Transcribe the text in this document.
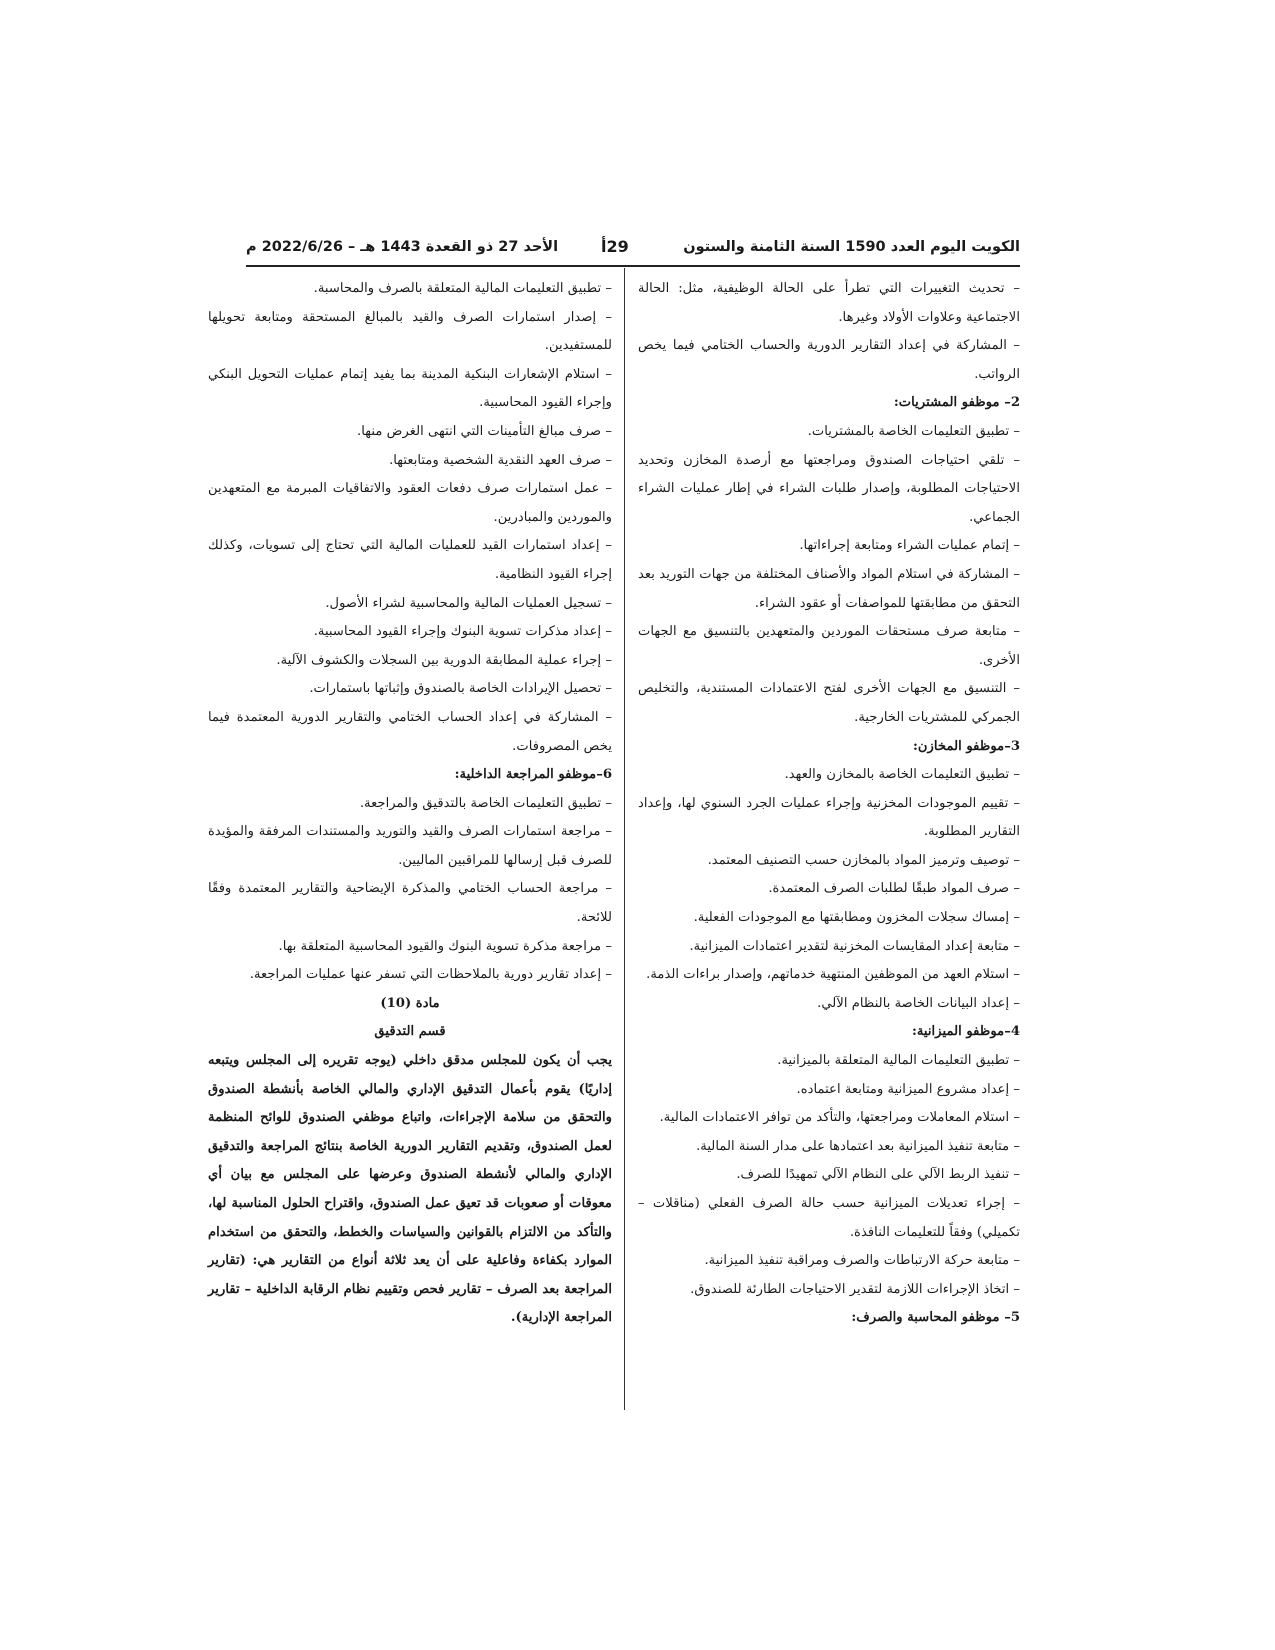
الكويت اليوم العدد 1590 السنة الثامنة والستون
29أ
الأحد 27 ذو القعدة 1443 هـ – 2022/6/26 م

– تحديث التغييرات التي تطرأ على الحالة الوظيفية، مثل: الحالة الاجتماعية وعلاوات الأولاد وغيرها.

– المشاركة في إعداد التقارير الدورية والحساب الختامي فيما يخص الرواتب.

2– موظفو المشتريات:

– تطبيق التعليمات الخاصة بالمشتريات.

– تلقي احتياجات الصندوق ومراجعتها مع أرصدة المخازن وتحديد الاحتياجات المطلوبة، وإصدار طلبات الشراء في إطار عمليات الشراء الجماعي.

– إتمام عمليات الشراء ومتابعة إجراءاتها.

– المشاركة في استلام المواد والأصناف المختلفة من جهات التوريد بعد التحقق من مطابقتها للمواصفات أو عقود الشراء.

– متابعة صرف مستحقات الموردين والمتعهدين بالتنسيق مع الجهات الأخرى.

– التنسيق مع الجهات الأخرى لفتح الاعتمادات المستندية، والتخليص الجمركي للمشتريات الخارجية.

3–موظفو المخازن:

– تطبيق التعليمات الخاصة بالمخازن والعهد.

– تقييم الموجودات المخزنية وإجراء عمليات الجرد السنوي لها، وإعداد التقارير المطلوبة.

– توصيف وترميز المواد بالمخازن حسب التصنيف المعتمد.

– صرف المواد طبقًا لطلبات الصرف المعتمدة.

– إمساك سجلات المخزون ومطابقتها مع الموجودات الفعلية.

– متابعة إعداد المقايسات المخزنية لتقدير اعتمادات الميزانية.

– استلام العهد من الموظفين المنتهية خدماتهم، وإصدار براءات الذمة.

– إعداد البيانات الخاصة بالنظام الآلي.

4–موظفو الميزانية:

– تطبيق التعليمات المالية المتعلقة بالميزانية.

– إعداد مشروع الميزانية ومتابعة اعتماده.

– استلام المعاملات ومراجعتها، والتأكد من توافر الاعتمادات المالية.

– متابعة تنفيذ الميزانية بعد اعتمادها على مدار السنة المالية.

– تنفيذ الربط الآلي على النظام الآلي تمهيدًا للصرف.

– إجراء تعديلات الميزانية حسب حالة الصرف الفعلي (مناقلات – تكميلي) وفقاً للتعليمات النافذة.

– متابعة حركة الارتباطات والصرف ومراقبة تنفيذ الميزانية.

– اتخاذ الإجراءات اللازمة لتقدير الاحتياجات الطارئة للصندوق.

5– موظفو المحاسبة والصرف:

– تطبيق التعليمات المالية المتعلقة بالصرف والمحاسبة.

– إصدار استمارات الصرف والقيد بالمبالغ المستحقة ومتابعة تحويلها للمستفيدين.

– استلام الإشعارات البنكية المدينة بما يفيد إتمام عمليات التحويل البنكي وإجراء القيود المحاسبية.

– صرف مبالغ التأمينات التي انتهى الغرض منها.

– صرف العهد النقدية الشخصية ومتابعتها.

– عمل استمارات صرف دفعات العقود والاتفاقيات المبرمة مع المتعهدين والموردين والمبادرين.

– إعداد استمارات القيد للعمليات المالية التي تحتاج إلى تسويات، وكذلك إجراء القيود النظامية.

– تسجيل العمليات المالية والمحاسبية لشراء الأصول.

– إعداد مذكرات تسوية البنوك وإجراء القيود المحاسبية.

– إجراء عملية المطابقة الدورية بين السجلات والكشوف الآلية.

– تحصيل الإيرادات الخاصة بالصندوق وإثباتها باستمارات.

– المشاركة في إعداد الحساب الختامي والتقارير الدورية المعتمدة فيما يخص المصروفات.

6–موظفو المراجعة الداخلية:

– تطبيق التعليمات الخاصة بالتدقيق والمراجعة.

– مراجعة استمارات الصرف والقيد والتوريد والمستندات المرفقة والمؤيدة للصرف قبل إرسالها للمراقبين الماليين.

– مراجعة الحساب الختامي والمذكرة الإيضاحية والتقارير المعتمدة وفقًا للائحة.

– مراجعة مذكرة تسوية البنوك والقيود المحاسبية المتعلقة بها.

– إعداد تقارير دورية بالملاحظات التي تسفر عنها عمليات المراجعة.

مادة (10)

قسم التدقيق

يجب أن يكون للمجلس مدقق داخلي (يوجه تقريره إلى المجلس ويتبعه إداريًا) يقوم بأعمال التدقيق الإداري والمالي الخاصة بأنشطة الصندوق والتحقق من سلامة الإجراءات، واتباع موظفي الصندوق للوائح المنظمة لعمل الصندوق، وتقديم التقارير الدورية الخاصة بنتائج المراجعة والتدقيق الإداري والمالي لأنشطة الصندوق وعرضها على المجلس مع بيان أي معوقات أو صعوبات قد تعيق عمل الصندوق، واقتراح الحلول المناسبة لها، والتأكد من الالتزام بالقوانين والسياسات والخطط، والتحقق من استخدام الموارد بكفاءة وفاعلية على أن يعد ثلاثة أنواع من التقارير هي: (تقارير المراجعة بعد الصرف – تقارير فحص وتقييم نظام الرقابة الداخلية – تقارير المراجعة الإدارية).
